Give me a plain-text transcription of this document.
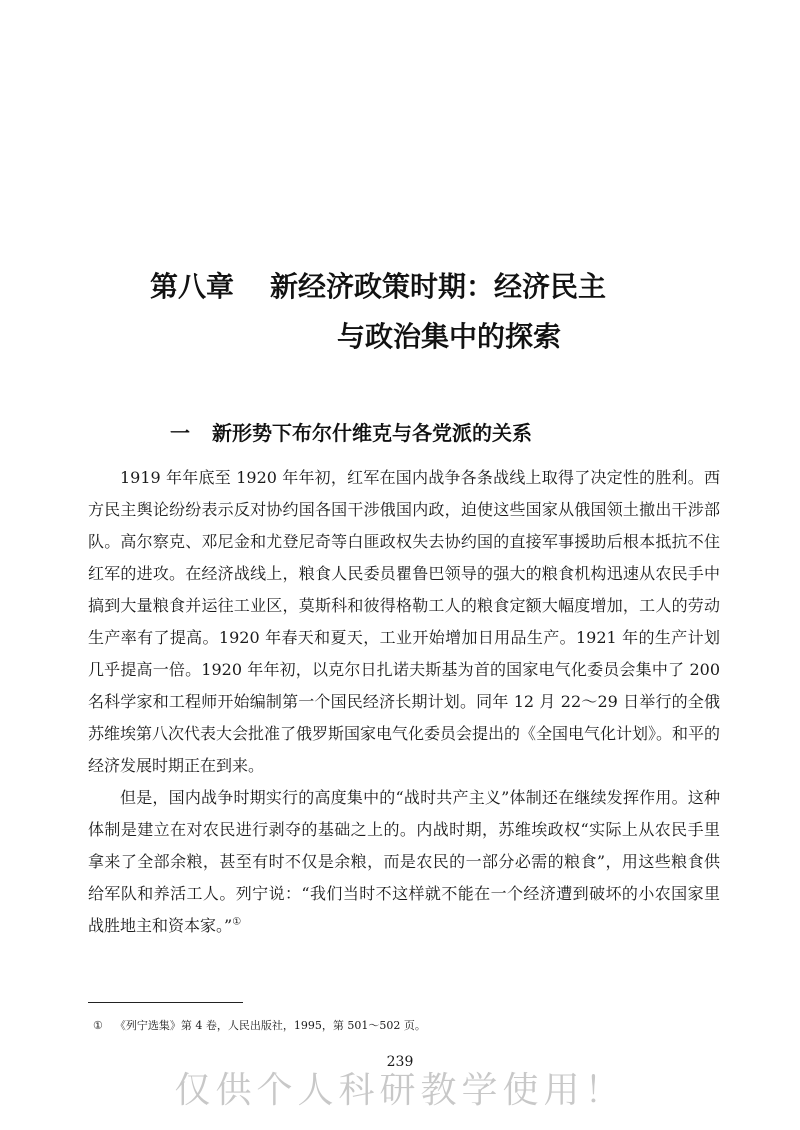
第八章 新经济政策时期：经济民主
与政治集中的探索
一 新形势下布尔什维克与各党派的关系

1919 年年底至 1920 年年初，红军在国内战争各条战线上取得了决定性的胜利。西方民主舆论纷纷表示反对协约国各国干涉俄国内政，迫使这些国家从俄国领土撤出干涉部队。高尔察克、邓尼金和尤登尼奇等白匪政权失去协约国的直接军事援助后根本抵抗不住红军的进攻。在经济战线上，粮食人民委员瞿鲁巴领导的强大的粮食机构迅速从农民手中搞到大量粮食并运往工业区，莫斯科和彼得格勒工人的粮食定额大幅度增加，工人的劳动生产率有了提高。1920 年春天和夏天，工业开始增加日用品生产。1921 年的生产计划几乎提高一倍。1920 年年初，以克尔日扎诺夫斯基为首的国家电气化委员会集中了 200 名科学家和工程师开始编制第一个国民经济长期计划。同年 12 月 22～29 日举行的全俄苏维埃第八次代表大会批准了俄罗斯国家电气化委员会提出的《全国电气化计划》。和平的经济发展时期正在到来。

但是，国内战争时期实行的高度集中的“战时共产主义”体制还在继续发挥作用。这种体制是建立在对农民进行剥夺的基础之上的。内战时期，苏维埃政权“实际上从农民手里拿来了全部余粮，甚至有时不仅是余粮，而是农民的一部分必需的粮食”，用这些粮食供给军队和养活工人。列宁说：“我们当时不这样就不能在一个经济遭到破坏的小农国家里战胜地主和资本家。”①

① 《列宁选集》第 4 卷，人民出版社，1995，第 501～502 页。
239
仅供个人科研教学使用！
